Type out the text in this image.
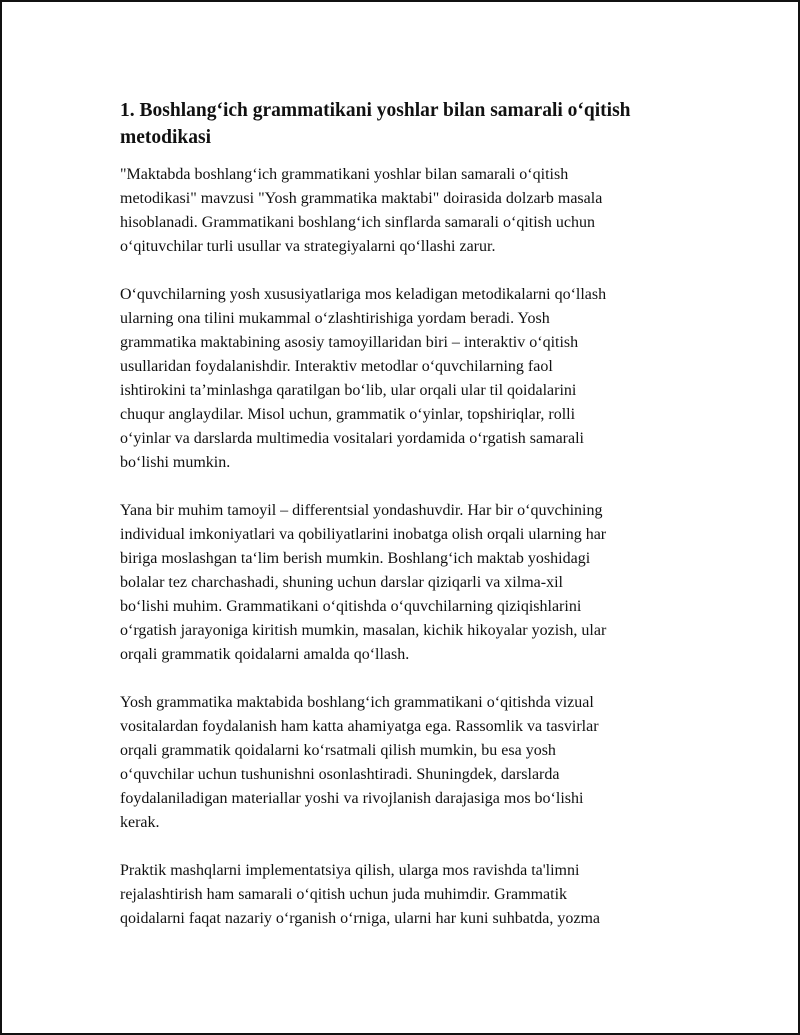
1. Boshlang‘ich grammatikani yoshlar bilan samarali o‘qitish
metodikasi

"Maktabda boshlang‘ich grammatikani yoshlar bilan samarali o‘qitish
metodikasi" mavzusi "Yosh grammatika maktabi" doirasida dolzarb masala
hisoblanadi. Grammatikani boshlang‘ich sinflarda samarali o‘qitish uchun
o‘qituvchilar turli usullar va strategiyalarni qo‘llashi zarur.

O‘quvchilarning yosh xususiyatlariga mos keladigan metodikalarni qo‘llash
ularning ona tilini mukammal o‘zlashtirishiga yordam beradi. Yosh
grammatika maktabining asosiy tamoyillaridan biri – interaktiv o‘qitish
usullaridan foydalanishdir. Interaktiv metodlar o‘quvchilarning faol
ishtirokini ta’minlashga qaratilgan bo‘lib, ular orqali ular til qoidalarini
chuqur anglaydilar. Misol uchun, grammatik o‘yinlar, topshiriqlar, rolli
o‘yinlar va darslarda multimedia vositalari yordamida o‘rgatish samarali
bo‘lishi mumkin.

Yana bir muhim tamoyil – differentsial yondashuvdir. Har bir o‘quvchining
individual imkoniyatlari va qobiliyatlarini inobatga olish orqali ularning har
biriga moslashgan ta‘lim berish mumkin. Boshlang‘ich maktab yoshidagi
bolalar tez charchashadi, shuning uchun darslar qiziqarli va xilma-xil
bo‘lishi muhim. Grammatikani o‘qitishda o‘quvchilarning qiziqishlarini
o‘rgatish jarayoniga kiritish mumkin, masalan, kichik hikoyalar yozish, ular
orqali grammatik qoidalarni amalda qo‘llash.

Yosh grammatika maktabida boshlang‘ich grammatikani o‘qitishda vizual
vositalardan foydalanish ham katta ahamiyatga ega. Rassomlik va tasvirlar
orqali grammatik qoidalarni ko‘rsatmali qilish mumkin, bu esa yosh
o‘quvchilar uchun tushunishni osonlashtiradi. Shuningdek, darslarda
foydalaniladigan materiallar yoshi va rivojlanish darajasiga mos bo‘lishi
kerak.

Praktik mashqlarni implementatsiya qilish, ularga mos ravishda ta'limni
rejalashtirish ham samarali o‘qitish uchun juda muhimdir. Grammatik
qoidalarni faqat nazariy o‘rganish o‘rniga, ularni har kuni suhbatda, yozma
